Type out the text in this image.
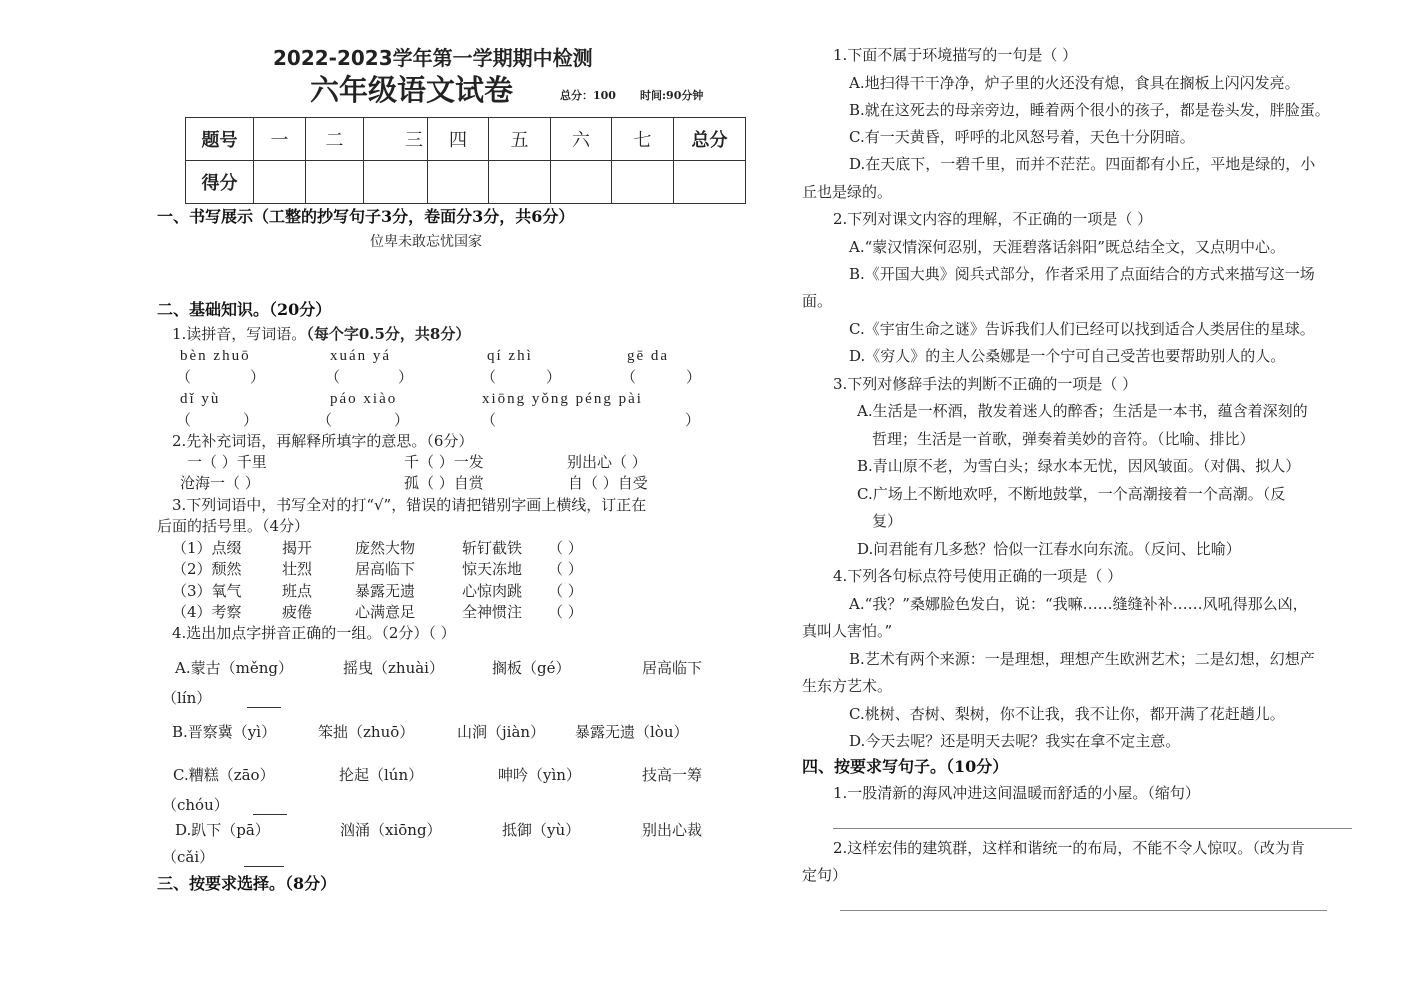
2022-2023学年第一学期期中检测
六年级语文试卷	总分：100 时间:90分钟
题号	一	二	三	四	五	六	七	总分
得分								
一、书写展示（工整的抄写句子3分，卷面分3分，共6分）
位卑未敢忘忧国家
二、基础知识。（20分）
1.读拼音，写词语。（每个字0.5分，共8分）
bèn zhuō	xuán yá	qí zhì	gē da
（	）	（	）	（	）	（	）
dǐ yù	páo xiào	xiōng yǒng péng pài
（	）	（	）	（	）
2.先补充词语，再解释所填字的意思。（6分）
一（ ）千里	千（ ）一发	别出心（ ）
沧海一（ ）	孤（ ）自赏	自（ ）自受
3.下列词语中，书写全对的打“√”，错误的请把错别字画上横线，订正在
后面的括号里。（4分）
（1）点缀	揭开	庞然大物	斩钉截铁 （ ）
（2）颓然	壮烈	居高临下	惊天冻地 （ ）
（3）氧气	班点	暴露无遗	心惊肉跳 （ ）
（4）考察	疲倦	心满意足	全神惯注 （ ）
4.选出加点字拼音正确的一组。（2分）（ ）
A.蒙古（měng）	摇曳（zhuài）	搁板（gé）	居高临下
（lín）
B.晋察冀（yì）	笨拙（zhuō）	山涧（jiàn） 暴露无遗（lòu）
C.糟糕（zāo）	抡起（lún）	呻吟（yìn）	技高一筹
（chóu）
D.趴下（pā）	汹涌（xiōng）	抵御（yù）	别出心裁
（cǎi）
三、按要求选择。（8分）
1.下面不属于环境描写的一句是（ ）
A.地扫得干干净净，炉子里的火还没有熄，食具在搁板上闪闪发亮。
B.就在这死去的母亲旁边，睡着两个很小的孩子，都是卷头发，胖脸蛋。
C.有一天黄昏，呼呼的北风怒号着，天色十分阴暗。
D.在天底下，一碧千里，而并不茫茫。四面都有小丘，平地是绿的，小
丘也是绿的。
2.下列对课文内容的理解，不正确的一项是（ ）
A.“蒙汉情深何忍别，天涯碧落话斜阳”既总结全文，又点明中心。
B.《开国大典》阅兵式部分，作者采用了点面结合的方式来描写这一场
面。
C.《宇宙生命之谜》告诉我们人们已经可以找到适合人类居住的星球。
D.《穷人》的主人公桑娜是一个宁可自己受苦也要帮助别人的人。
3.下列对修辞手法的判断不正确的一项是（ ）
A.生活是一杯酒，散发着迷人的醉香；生活是一本书，蕴含着深刻的
哲理；生活是一首歌，弹奏着美妙的音符。（比喻、排比）
B.青山原不老，为雪白头；绿水本无忧，因风皱面。（对偶、拟人）
C.广场上不断地欢呼，不断地鼓掌，一个高潮接着一个高潮。（反
复）
D.问君能有几多愁？恰似一江春水向东流。（反问、比喻）
4.下列各句标点符号使用正确的一项是（ ）
A.“我？”桑娜脸色发白，说：“我嘛……缝缝补补……风吼得那么凶，
真叫人害怕。”
B.艺术有两个来源：一是理想，理想产生欧洲艺术；二是幻想，幻想产
生东方艺术。
C.桃树、杏树、梨树，你不让我，我不让你，都开满了花赶趟儿。
D.今天去呢？还是明天去呢？我实在拿不定主意。
四、按要求写句子。（10分）
1.一股清新的海风冲进这间温暖而舒适的小屋。（缩句）
2.这样宏伟的建筑群，这样和谐统一的布局，不能不令人惊叹。（改为肯
定句）
